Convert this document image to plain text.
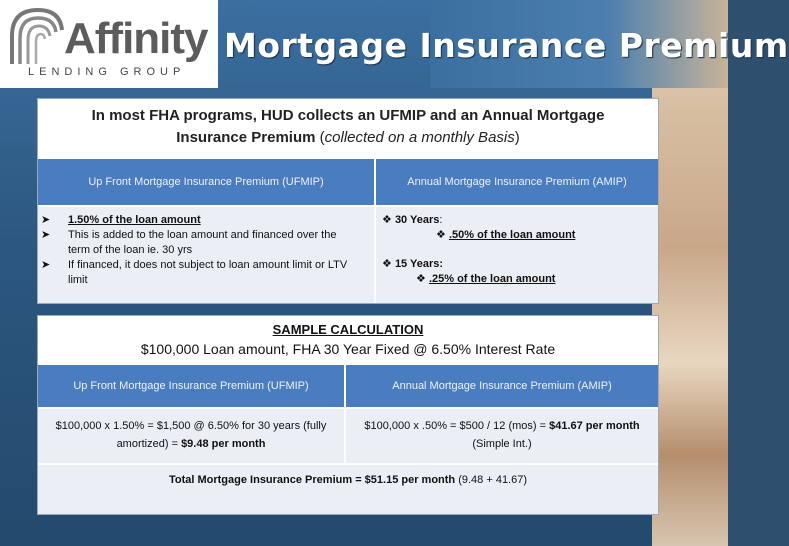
Affinity
LENDING GROUP
Mortgage Insurance Premium
In most FHA programs, HUD collects an UFMIP and an Annual Mortgage
Insurance Premium (collected on a monthly Basis)
Up Front Mortgage Insurance Premium (UFMIP)	Annual Mortgage Insurance Premium (AMIP)
➤ 1.50% of the loan amount
➤ This is added to the loan amount and financed over the term of the loan ie. 30 yrs
➤ If financed, it does not subject to loan amount limit or LTV limit
❖ 30 Years:
❖ .50% of the loan amount
❖ 15 Years:
❖ .25% of the loan amount
SAMPLE CALCULATION
$100,000 Loan amount, FHA 30 Year Fixed @ 6.50% Interest Rate
Up Front Mortgage Insurance Premium (UFMIP)	Annual Mortgage Insurance Premium (AMIP)
$100,000 x 1.50% = $1,500 @ 6.50% for 30 years (fully amortized) = $9.48 per month
$100,000 x .50% = $500 / 12 (mos) = $41.67 per month (Simple Int.)
Total Mortgage Insurance Premium = $51.15 per month (9.48 + 41.67)
